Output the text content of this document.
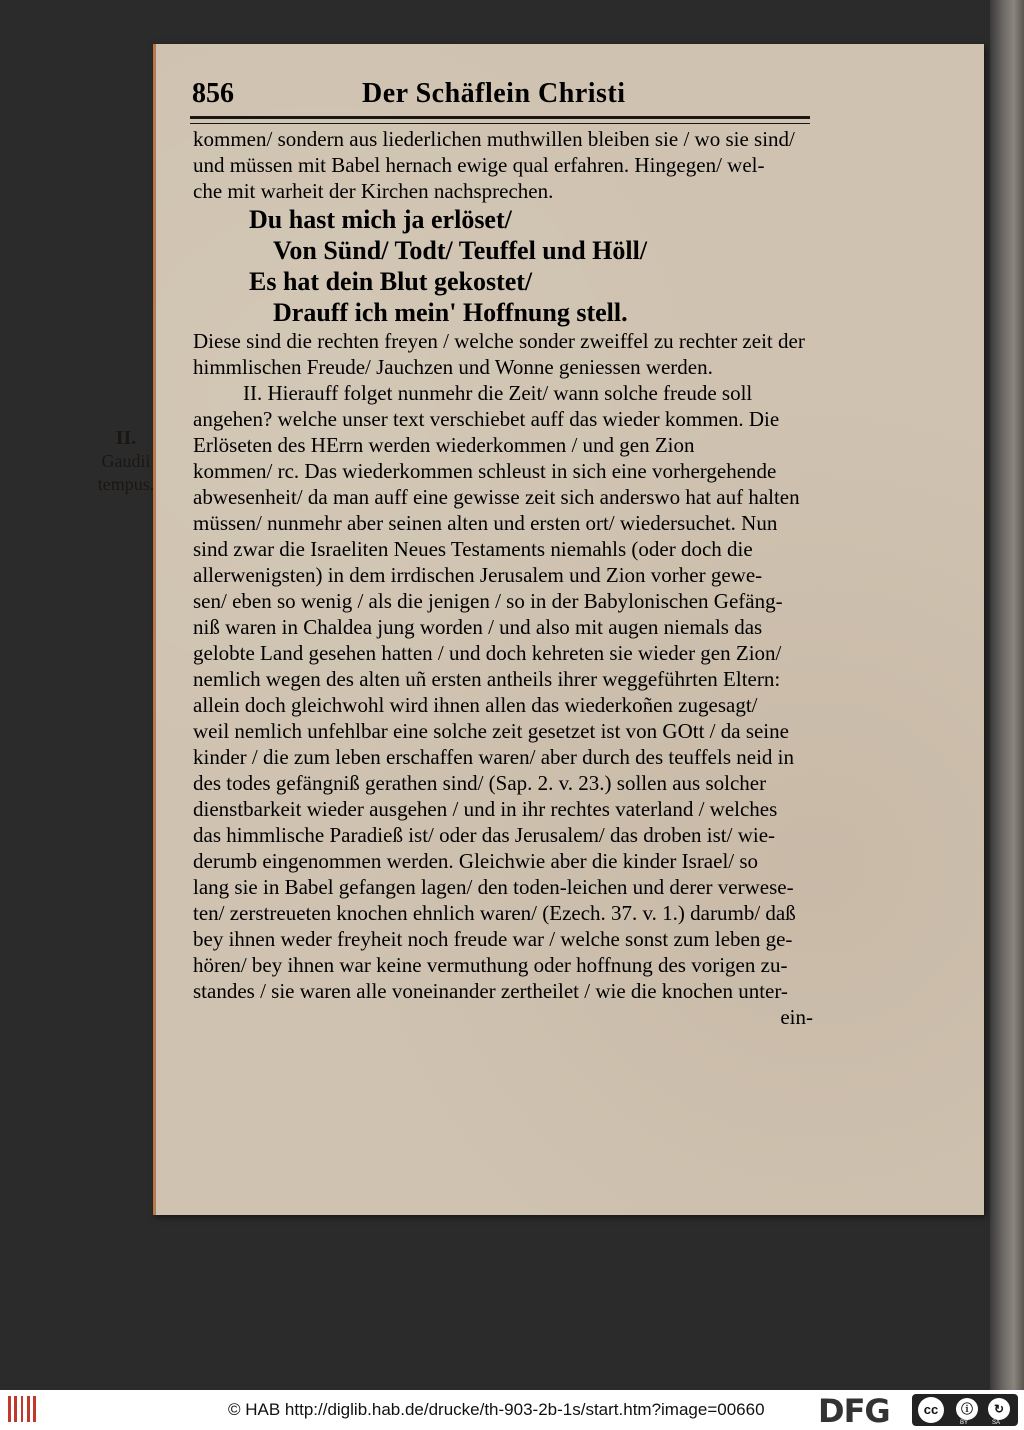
856	Der Schäflein Christi
II.
Gaudii
tempus.
kommen/ sondern aus liederlichen muthwillen bleiben sie / wo sie sind/
und müssen mit Babel hernach ewige qual erfahren. Hingegen/ wel-
che mit warheit der Kirchen nachsprechen.
Du hast mich ja erlöset/
Von Sünd/ Todt/ Teuffel und Höll/
Es hat dein Blut gekostet/
Drauff ich mein' Hoffnung stell.
Diese sind die rechten freyen / welche sonder zweiffel zu rechter zeit der
himmlischen Freude/ Jauchzen und Wonne geniessen werden.
II. Hierauff folget nunmehr die Zeit/ wann solche freude soll
angehen? welche unser text verschiebet auff das wieder kommen. Die
Erlöseten des HErrn werden wiederkommen / und gen Zion
kommen/ rc. Das wiederkommen schleust in sich eine vorhergehende
abwesenheit/ da man auff eine gewisse zeit sich anderswo hat auf halten
müssen/ nunmehr aber seinen alten und ersten ort/ wiedersuchet. Nun
sind zwar die Israeliten Neues Testaments niemahls (oder doch die
allerwenigsten) in dem irrdischen Jerusalem und Zion vorher gewe-
sen/ eben so wenig / als die jenigen / so in der Babylonischen Gefäng-
niß waren in Chaldea jung worden / und also mit augen niemals das
gelobte Land gesehen hatten / und doch kehreten sie wieder gen Zion/
nemlich wegen des alten uñ ersten antheils ihrer weggeführten Eltern:
allein doch gleichwohl wird ihnen allen das wiederkoñen zugesagt/
weil nemlich unfehlbar eine solche zeit gesetzet ist von GOtt / da seine
kinder / die zum leben erschaffen waren/ aber durch des teuffels neid in
des todes gefängniß gerathen sind/ (Sap. 2. v. 23.) sollen aus solcher
dienstbarkeit wieder ausgehen / und in ihr rechtes vaterland / welches
das himmlische Paradieß ist/ oder das Jerusalem/ das droben ist/ wie-
derumb eingenommen werden. Gleichwie aber die kinder Israel/ so
lang sie in Babel gefangen lagen/ den toden-leichen und derer verwese-
ten/ zerstreueten knochen ehnlich waren/ (Ezech. 37. v. 1.) darumb/ daß
bey ihnen weder freyheit noch freude war / welche sonst zum leben ge-
hören/ bey ihnen war keine vermuthung oder hoffnung des vorigen zu-
standes / sie waren alle voneinander zertheilet / wie die knochen unter-
ein-
© HAB http://diglib.hab.de/drucke/th-903-2b-1s/start.htm?image=00660 DFG	cc	ⓘ	↻
BY	SA
